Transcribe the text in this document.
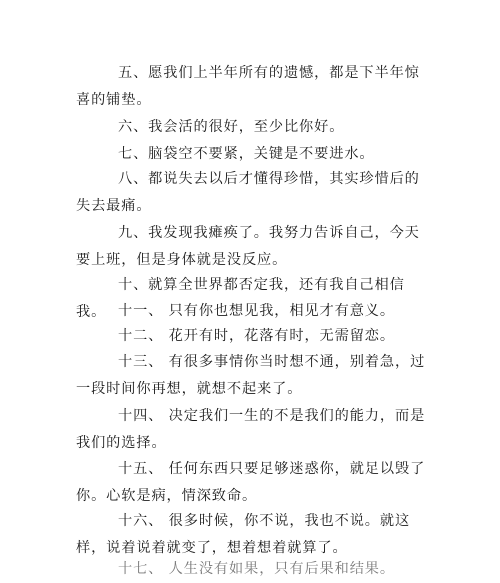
五、愿我们上半年所有的遗憾，都是下半年惊喜的铺垫。

六、我会活的很好，至少比你好。

七、脑袋空不要紧，关键是不要进水。

八、都说失去以后才懂得珍惜，其实珍惜后的失去最痛。

九、我发现我瘫痪了。我努力告诉自己，今天要上班，但是身体就是没反应。

十、就算全世界都否定我，还有我自己相信我。 十一、 只有你也想见我，相见才有意义。

十二、 花开有时，花落有时，无需留恋。

十三、 有很多事情你当时想不通，别着急，过一段时间你再想，就想不起来了。

十四、 决定我们一生的不是我们的能力，而是我们的选择。

十五、 任何东西只要足够迷惑你，就足以毁了你。心软是病，情深致命。

十六、 很多时候，你不说，我也不说。就这样，说着说着就变了，想着想着就算了。

十七、 人生没有如果，只有后果和结果。
